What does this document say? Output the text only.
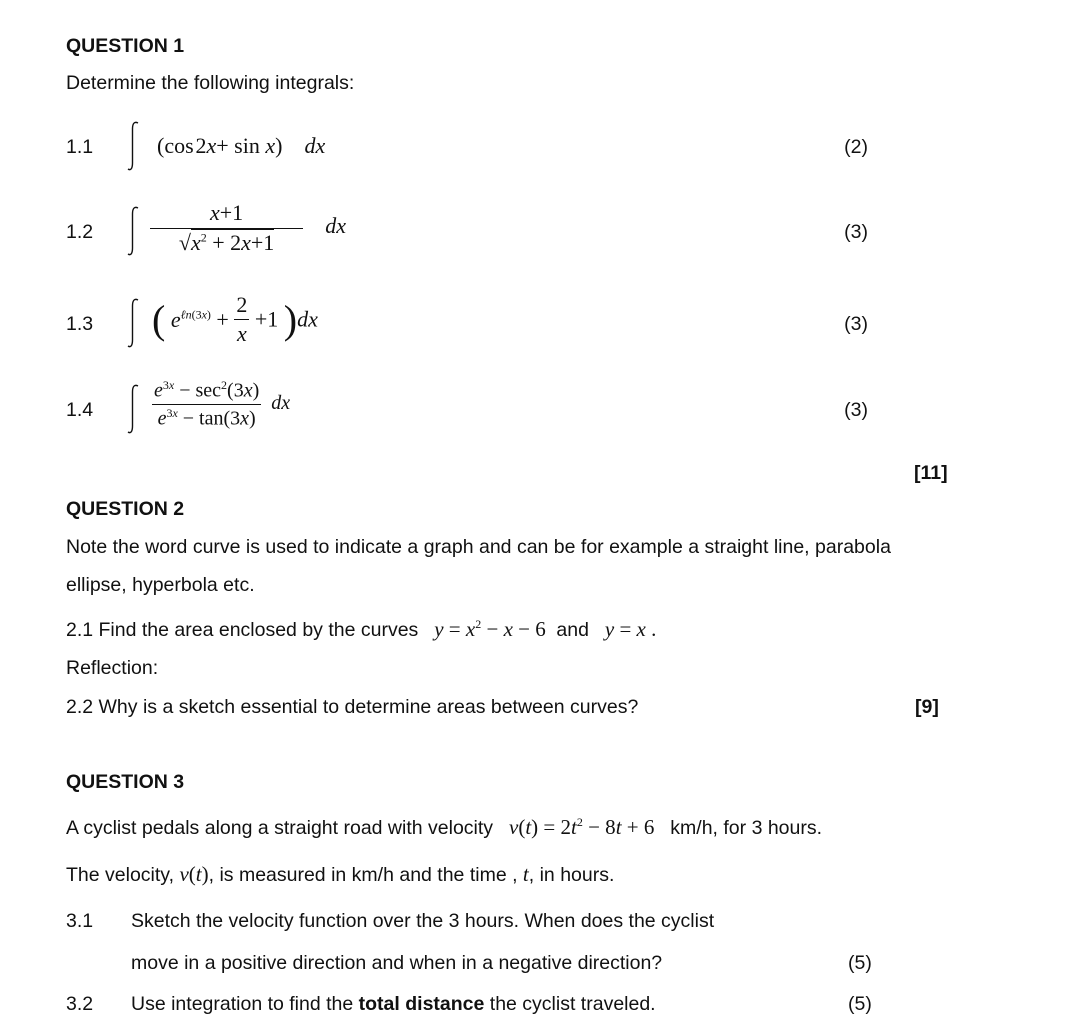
QUESTION 1
Determine the following integrals:
1.1	(cos 2x+ sin x)    dx	(2)
1.2	$\frac{x+1}{√x^2 + 2x+1}$ dx	(3)
1.3 ( $e^{\ell n(3x)} + \frac{2}{x} +1$ )dx	(3)
1.4	$\frac{e^{3x} - \sec^2(3x)}{e^{3x} - \tan(3x)}$ dx	(3)
[11]
QUESTION 2
Note the word curve is used to indicate a graph and can be for example a straight line, parabola
ellipse, hyperbola etc.
2.1 Find the area enclosed by the curves $y = x^2 - x - 6$  and y = x .
Reflection:
2.2 Why is a sketch essential to determine areas between curves?	[9]
QUESTION 3
A cyclist pedals along a straight road with velocity $v(t) = 2t^2 - 8t + 6$   km/h, for 3 hours.
The velocity, v(t), is measured in km/h and the time , t, in hours.
3.1 Sketch the velocity function over the 3 hours. When does the cyclist
move in a positive direction and when in a negative direction?	(5)
3.2 Use integration to find the total distance the cyclist traveled.	(5)
